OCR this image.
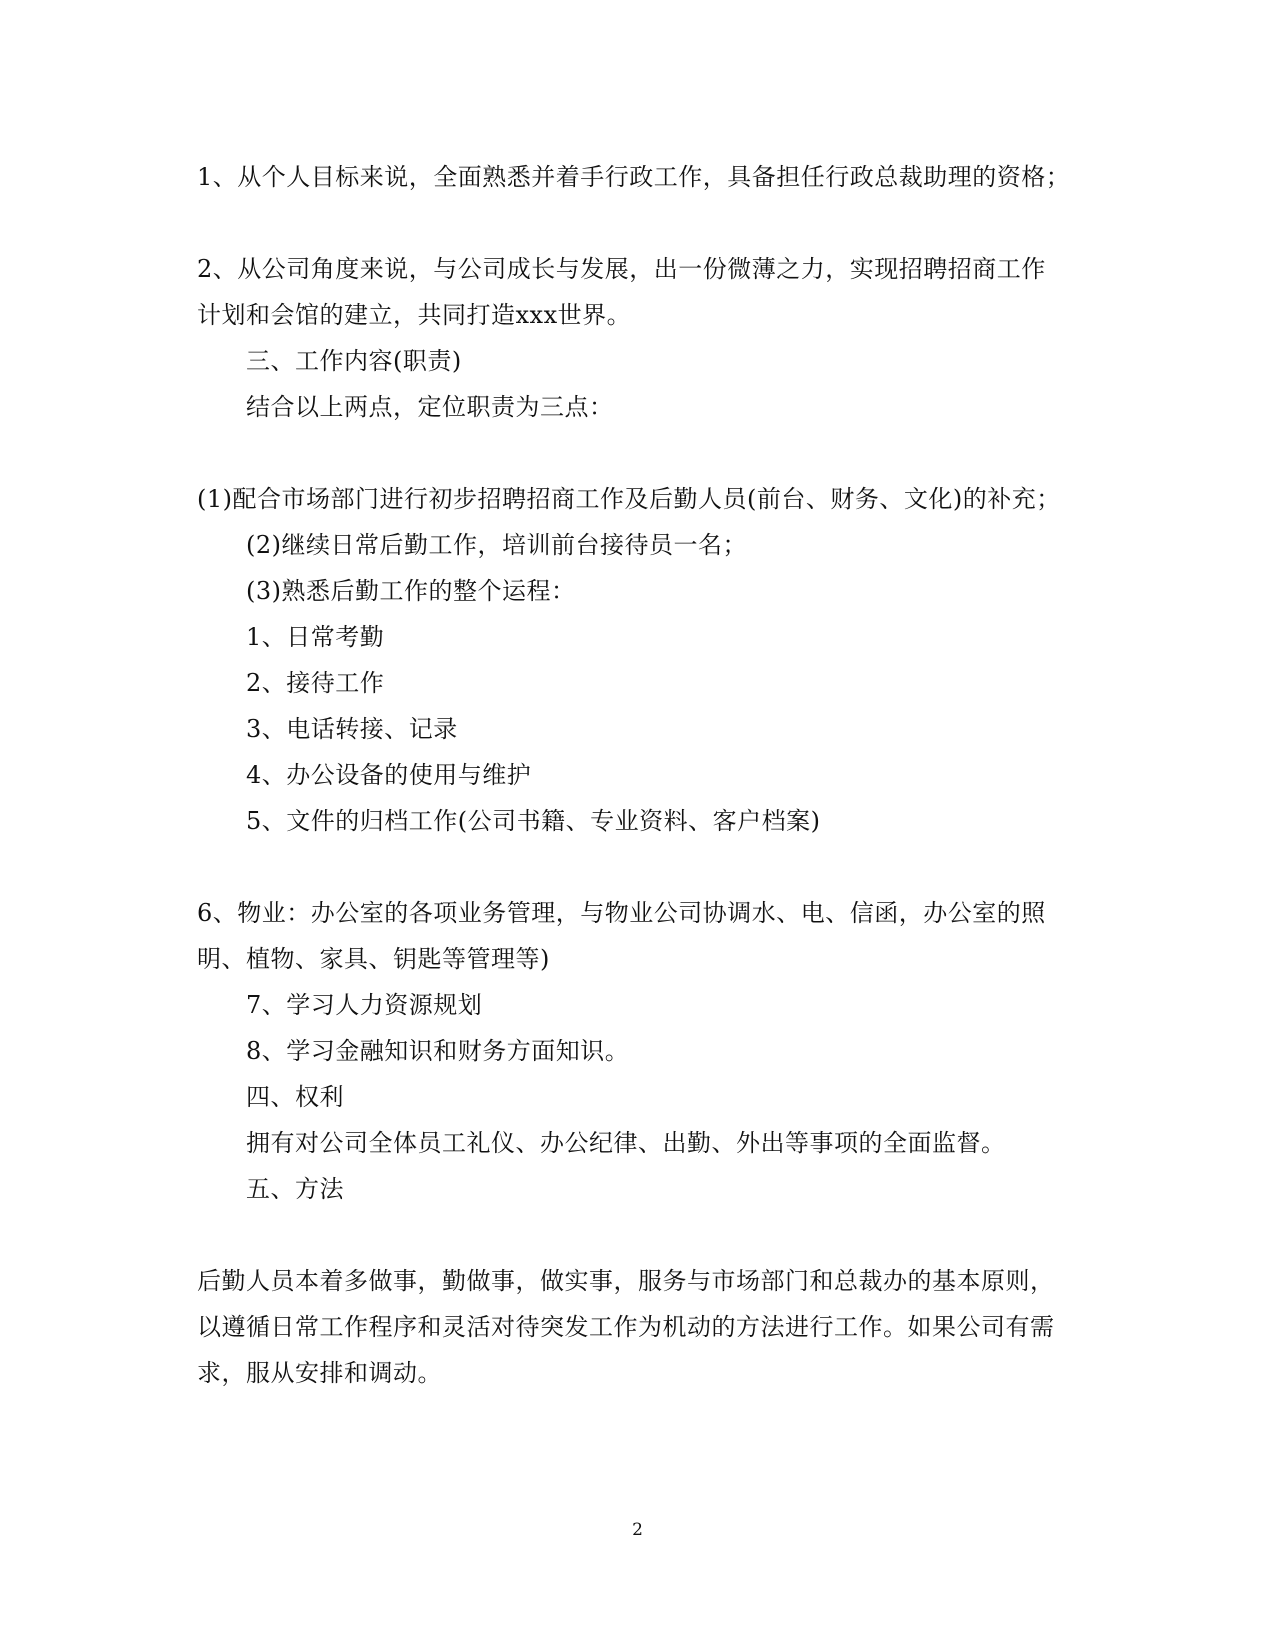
1、从个人目标来说，全面熟悉并着手行政工作，具备担任行政总裁助理的资格；
2、从公司角度来说，与公司成长与发展，出一份微薄之力，实现招聘招商工作
计划和会馆的建立，共同打造xxx世界。
三、工作内容(职责)
结合以上两点，定位职责为三点：
(1)配合市场部门进行初步招聘招商工作及后勤人员(前台、财务、文化)的补充；
(2)继续日常后勤工作，培训前台接待员一名；
(3)熟悉后勤工作的整个运程：
1、日常考勤
2、接待工作
3、电话转接、记录
4、办公设备的使用与维护
5、文件的归档工作(公司书籍、专业资料、客户档案)
6、物业：办公室的各项业务管理，与物业公司协调水、电、信函，办公室的照
明、植物、家具、钥匙等管理等)
7、学习人力资源规划
8、学习金融知识和财务方面知识。
四、权利
拥有对公司全体员工礼仪、办公纪律、出勤、外出等事项的全面监督。
五、方法
后勤人员本着多做事，勤做事，做实事，服务与市场部门和总裁办的基本原则，
以遵循日常工作程序和灵活对待突发工作为机动的方法进行工作。如果公司有需
求，服从安排和调动。
2
